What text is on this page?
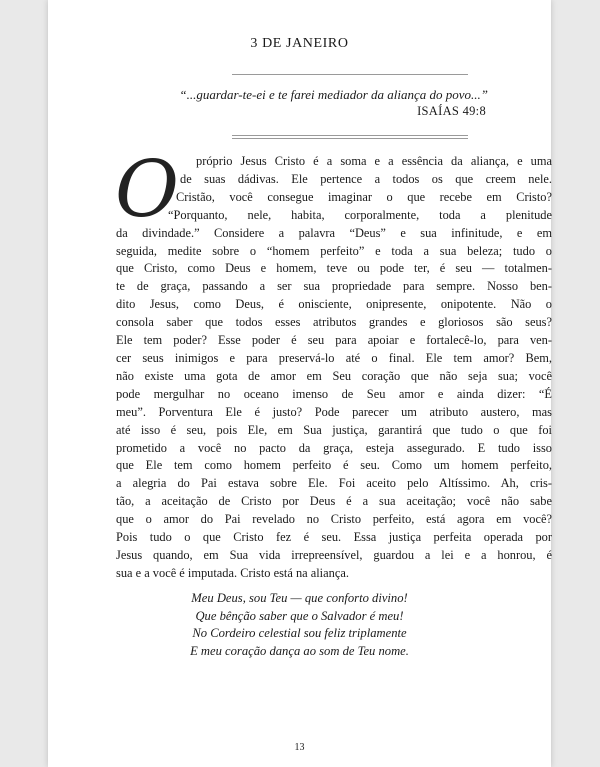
3 DE JANEIRO
“...guardar-te-ei e te farei mediador da aliança do povo...”
ISAÍAS 49:8
O próprio Jesus Cristo é a soma e a essência da aliança, e uma
de suas dádivas. Ele pertence a todos os que creem nele.
Cristão, você consegue imaginar o que recebe em Cristo?
“Porquanto, nele, habita, corporalmente, toda a plenitude
da divindade.” Considere a palavra “Deus” e sua infinitude, e em
seguida, medite sobre o “homem perfeito” e toda a sua beleza; tudo o
que Cristo, como Deus e homem, teve ou pode ter, é seu — totalmen-
te de graça, passando a ser sua propriedade para sempre. Nosso ben-
dito Jesus, como Deus, é onisciente, onipresente, onipotente. Não o
consola saber que todos esses atributos grandes e gloriosos são seus?
Ele tem poder? Esse poder é seu para apoiar e fortalecê-lo, para ven-
cer seus inimigos e para preservá-lo até o final. Ele tem amor? Bem,
não existe uma gota de amor em Seu coração que não seja sua; você
pode mergulhar no oceano imenso de Seu amor e ainda dizer: “É
meu”. Porventura Ele é justo? Pode parecer um atributo austero, mas
até isso é seu, pois Ele, em Sua justiça, garantirá que tudo o que foi
prometido a você no pacto da graça, esteja assegurado. E tudo isso
que Ele tem como homem perfeito é seu. Como um homem perfeito,
a alegria do Pai estava sobre Ele. Foi aceito pelo Altíssimo. Ah, cris-
tão, a aceitação de Cristo por Deus é a sua aceitação; você não sabe
que o amor do Pai revelado no Cristo perfeito, está agora em você?
Pois tudo o que Cristo fez é seu. Essa justiça perfeita operada por
Jesus quando, em Sua vida irrepreensível, guardou a lei e a honrou, é
sua e a você é imputada. Cristo está na aliança.
Meu Deus, sou Teu — que conforto divino!
Que bênção saber que o Salvador é meu!
No Cordeiro celestial sou feliz triplamente
E meu coração dança ao som de Teu nome.
13
